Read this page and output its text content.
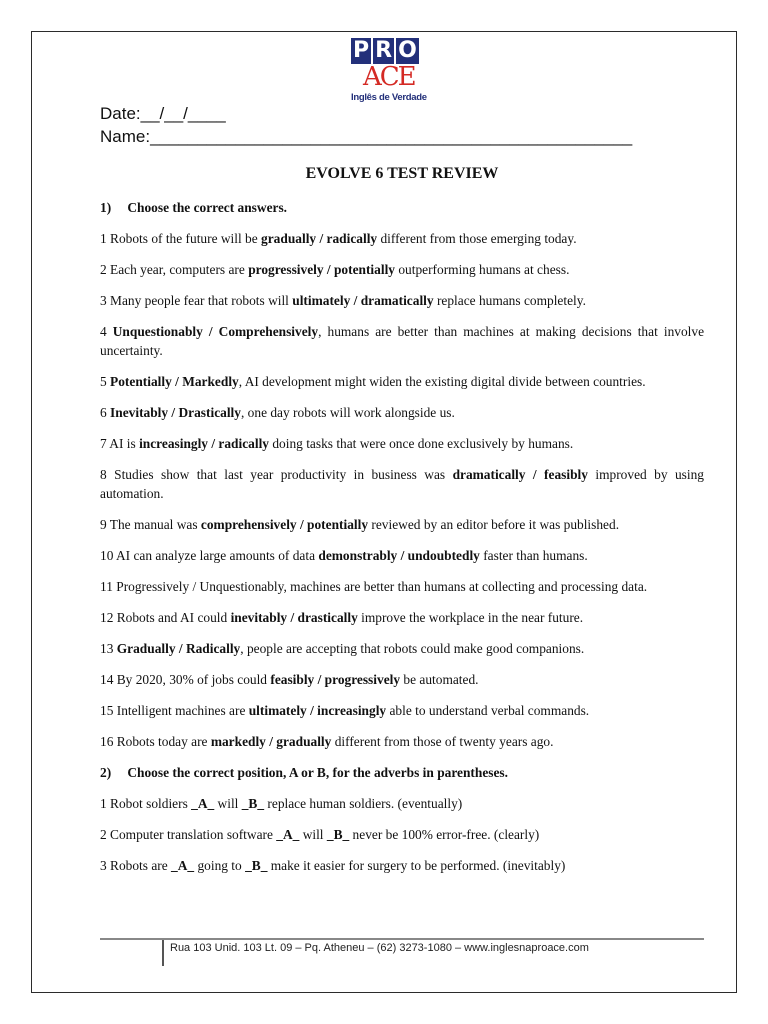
P R O
ACE
Inglês de Verdade
Date:__/__/____
Name:___________________________________________________
EVOLVE 6 TEST REVIEW
1) Choose the correct answers.
1 Robots of the future will be gradually / radically different from those emerging today.
2 Each year, computers are progressively / potentially outperforming humans at chess.
3 Many people fear that robots will ultimately / dramatically replace humans completely.
4 Unquestionably / Comprehensively, humans are better than machines at making decisions that involve uncertainty.
5 Potentially / Markedly, AI development might widen the existing digital divide between countries.
6 Inevitably / Drastically, one day robots will work alongside us.
7 AI is increasingly / radically doing tasks that were once done exclusively by humans.
8 Studies show that last year productivity in business was dramatically / feasibly improved by using automation.
9 The manual was comprehensively / potentially reviewed by an editor before it was published.
10 AI can analyze large amounts of data demonstrably / undoubtedly faster than humans.
11 Progressively / Unquestionably, machines are better than humans at collecting and processing data.
12 Robots and AI could inevitably / drastically improve the workplace in the near future.
13 Gradually / Radically, people are accepting that robots could make good companions.
14 By 2020, 30% of jobs could feasibly / progressively be automated.
15 Intelligent machines are ultimately / increasingly able to understand verbal commands.
16 Robots today are markedly / gradually different from those of twenty years ago.
2) Choose the correct position, A or B, for the adverbs in parentheses.
1 Robot soldiers _A_ will _B_ replace human soldiers. (eventually)
2 Computer translation software _A_ will _B_ never be 100% error-free. (clearly)
3 Robots are _A_ going to _B_ make it easier for surgery to be performed. (inevitably)
Rua 103 Unid. 103 Lt. 09 – Pq. Atheneu – (62) 3273-1080 – www.inglesnaproace.com
